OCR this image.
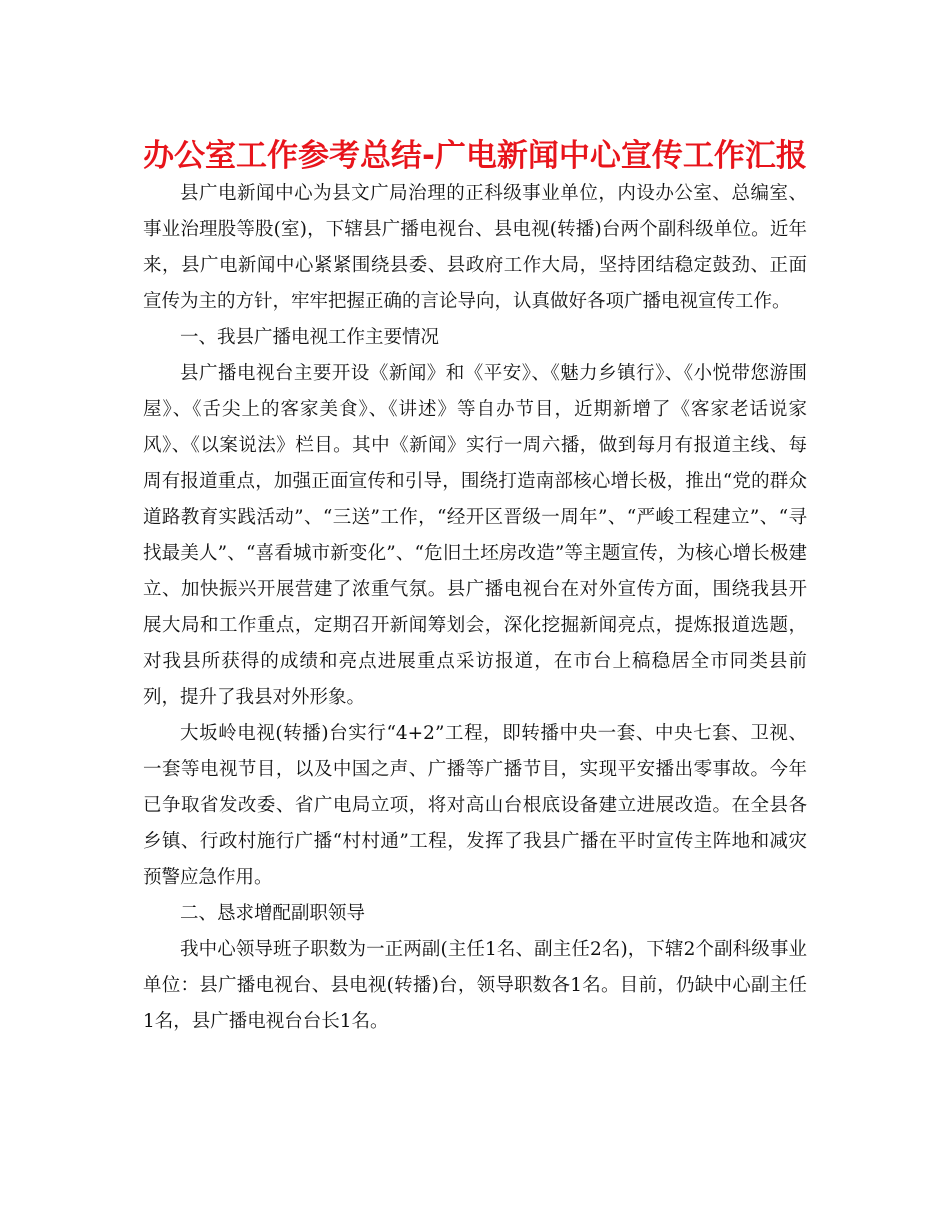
办公室工作参考总结-广电新闻中心宣传工作汇报

县广电新闻中心为县文广局治理的正科级事业单位，内设办公室、总编室、事业治理股等股(室)，下辖县广播电视台、县电视(转播)台两个副科级单位。近年来，县广电新闻中心紧紧围绕县委、县政府工作大局，坚持团结稳定鼓劲、正面宣传为主的方针，牢牢把握正确的言论导向，认真做好各项广播电视宣传工作。

一、我县广播电视工作主要情况

县广播电视台主要开设《新闻》和《平安》、《魅力乡镇行》、《小悦带您游围屋》、《舌尖上的客家美食》、《讲述》等自办节目，近期新增了《客家老话说家风》、《以案说法》栏目。其中《新闻》实行一周六播，做到每月有报道主线、每周有报道重点，加强正面宣传和引导，围绕打造南部核心增长极，推出“党的群众道路教育实践活动”、“三送”工作，“经开区晋级一周年”、“严峻工程建立”、“寻找最美人”、“喜看城市新变化”、“危旧土坯房改造”等主题宣传，为核心增长极建立、加快振兴开展营建了浓重气氛。县广播电视台在对外宣传方面，围绕我县开展大局和工作重点，定期召开新闻筹划会，深化挖掘新闻亮点，提炼报道选题，对我县所获得的成绩和亮点进展重点采访报道，在市台上稿稳居全市同类县前列，提升了我县对外形象。

大坂岭电视(转播)台实行“4+2”工程，即转播中央一套、中央七套、卫视、一套等电视节目，以及中国之声、广播等广播节目，实现平安播出零事故。今年已争取省发改委、省广电局立项，将对高山台根底设备建立进展改造。在全县各乡镇、行政村施行广播“村村通”工程，发挥了我县广播在平时宣传主阵地和减灾预警应急作用。

二、恳求增配副职领导

我中心领导班子职数为一正两副(主任1名、副主任2名)，下辖2个副科级事业单位：县广播电视台、县电视(转播)台，领导职数各1名。目前，仍缺中心副主任1名，县广播电视台台长1名。
